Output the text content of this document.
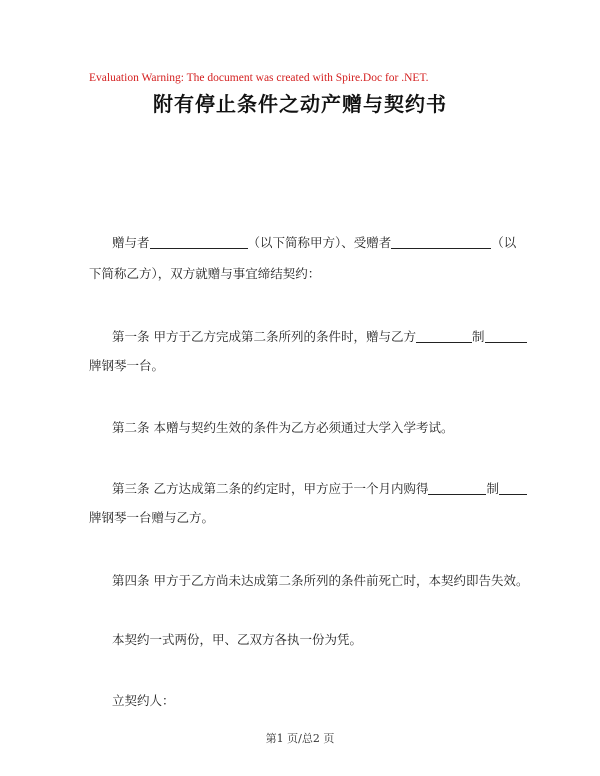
Evaluation Warning: The document was created with Spire.Doc for .NET.
附有停止条件之动产赠与契约书
赠与者	（以下简称甲方）、受赠者	（以
下简称乙方），双方就赠与事宜缔结契约：
第一条 甲方于乙方完成第二条所列的条件时，赠与乙方	制
牌钢琴一台。
第二条 本赠与契约生效的条件为乙方必须通过大学入学考试。
第三条 乙方达成第二条的约定时，甲方应于一个月内购得	制
牌钢琴一台赠与乙方。
第四条 甲方于乙方尚未达成第二条所列的条件前死亡时，本契约即告失效。
本契约一式两份，甲、乙双方各执一份为凭。
立契约人：
第1 页/总2 页
